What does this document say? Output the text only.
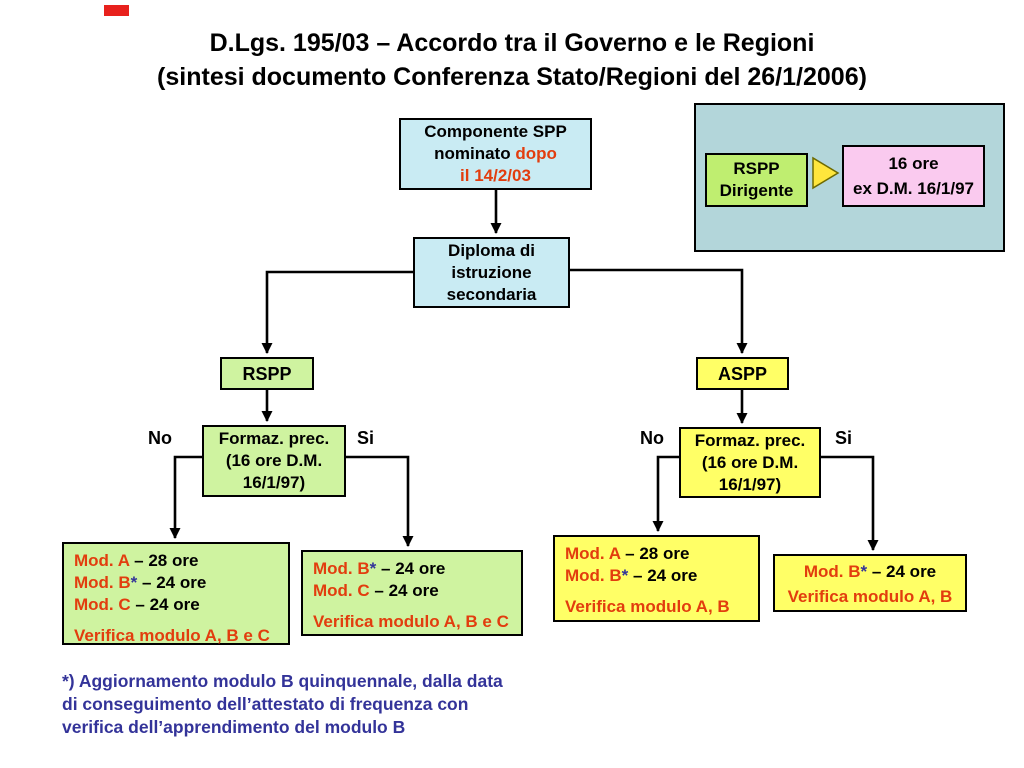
D.Lgs. 195/03 – Accordo tra il Governo e le Regioni
(sintesi documento Conferenza Stato/Regioni del 26/1/2006)
Componente SPP
nominato dopo
il 14/2/03
Diploma di
istruzione
secondaria
RSPP	ASPP
Formaz. prec.
(16 ore D.M.
16/1/97)
Formaz. prec.
(16 ore D.M.
16/1/97)
No	Si	No	Si
Mod. A – 28 ore
Mod. B* – 24 ore
Mod. C – 24 ore
Verifica modulo A, B e C
Mod. B* – 24 ore
Mod. C – 24 ore
Verifica modulo A, B e C
Mod. A – 28 ore
Mod. B* – 24 ore
Verifica modulo A, B
Mod. B* – 24 ore
Verifica modulo A, B
RSPP
Dirigente
16 ore
ex D.M. 16/1/97
*) Aggiornamento modulo B quinquennale, dalla data
di conseguimento dell’attestato di frequenza con
verifica dell’apprendimento del modulo B
